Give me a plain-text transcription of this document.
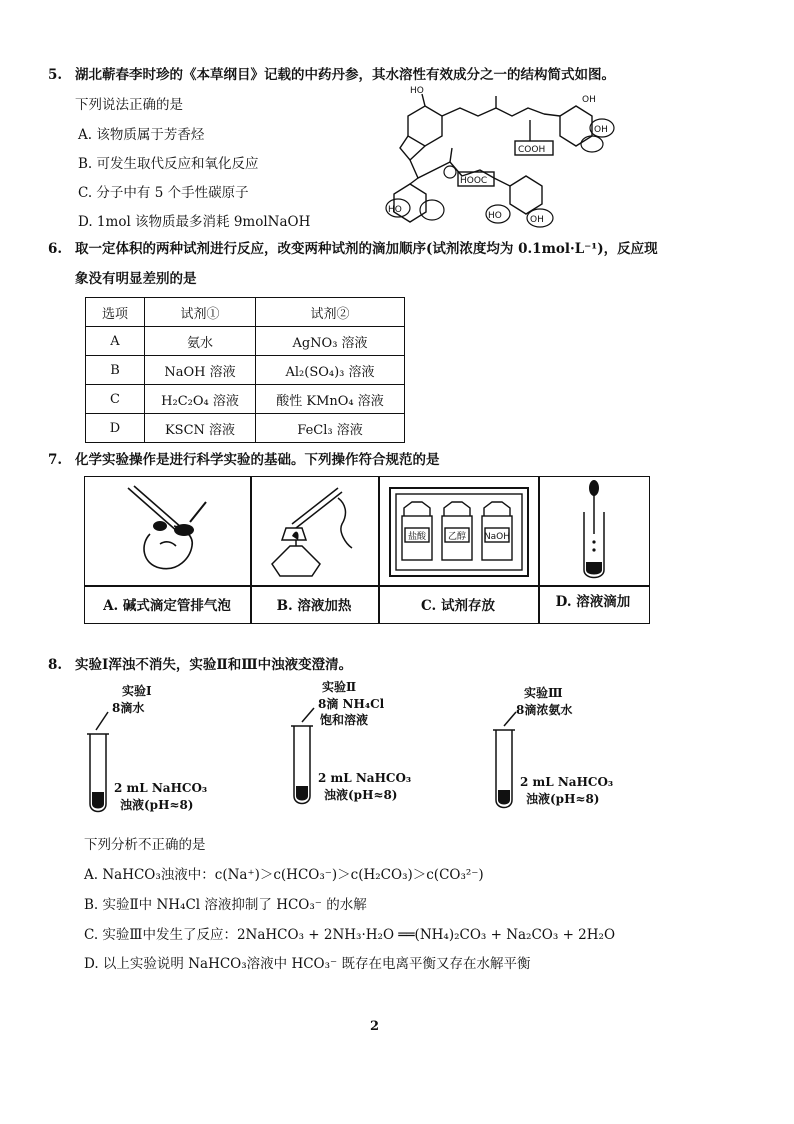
5. 湖北蕲春李时珍的《本草纲目》记载的中药丹参，其水溶性有效成分之一的结构简式如图。
下列说法正确的是
A. 该物质属于芳香烃
B. 可发生取代反应和氧化反应
C. 分子中有 5 个手性碳原子
D. 1mol 该物质最多消耗 9molNaOH
HO
OH
OH
COOH
HOOC
HO
HO	OH
6. 取一定体积的两种试剂进行反应，改变两种试剂的滴加顺序(试剂浓度均为 0.1mol·L⁻¹)，反应现
象没有明显差别的是
选项	试剂①	试剂②
A	氨水	AgNO₃ 溶液
B	NaOH 溶液	Al₂(SO₄)₃ 溶液
C	H₂C₂O₄ 溶液	酸性 KMnO₄ 溶液
D	KSCN 溶液	FeCl₃ 溶液
7. 化学实验操作是进行科学实验的基础。下列操作符合规范的是
盐酸 乙醇 NaOH
A. 碱式滴定管排气泡	B. 溶液加热	C. 试剂存放	D. 溶液滴加
8. 实验Ⅰ浑浊不消失，实验Ⅱ和Ⅲ中浊液变澄清。
实验Ⅰ
8滴水
2 mL NaHCO₃
浊液(pH≈8)
实验Ⅱ
8滴 NH₄Cl
饱和溶液
2 mL NaHCO₃
浊液(pH≈8)
实验Ⅲ
8滴浓氨水
2 mL NaHCO₃
浊液(pH≈8)
下列分析不正确的是
A. NaHCO₃浊液中：c(Na⁺)＞c(HCO₃⁻)＞c(H₂CO₃)＞c(CO₃²⁻)
B. 实验Ⅱ中 NH₄Cl 溶液抑制了 HCO₃⁻ 的水解
C. 实验Ⅲ中发生了反应：2NaHCO₃ + 2NH₃·H₂O ══(NH₄)₂CO₃ + Na₂CO₃ + 2H₂O
D. 以上实验说明 NaHCO₃溶液中 HCO₃⁻ 既存在电离平衡又存在水解平衡
2
